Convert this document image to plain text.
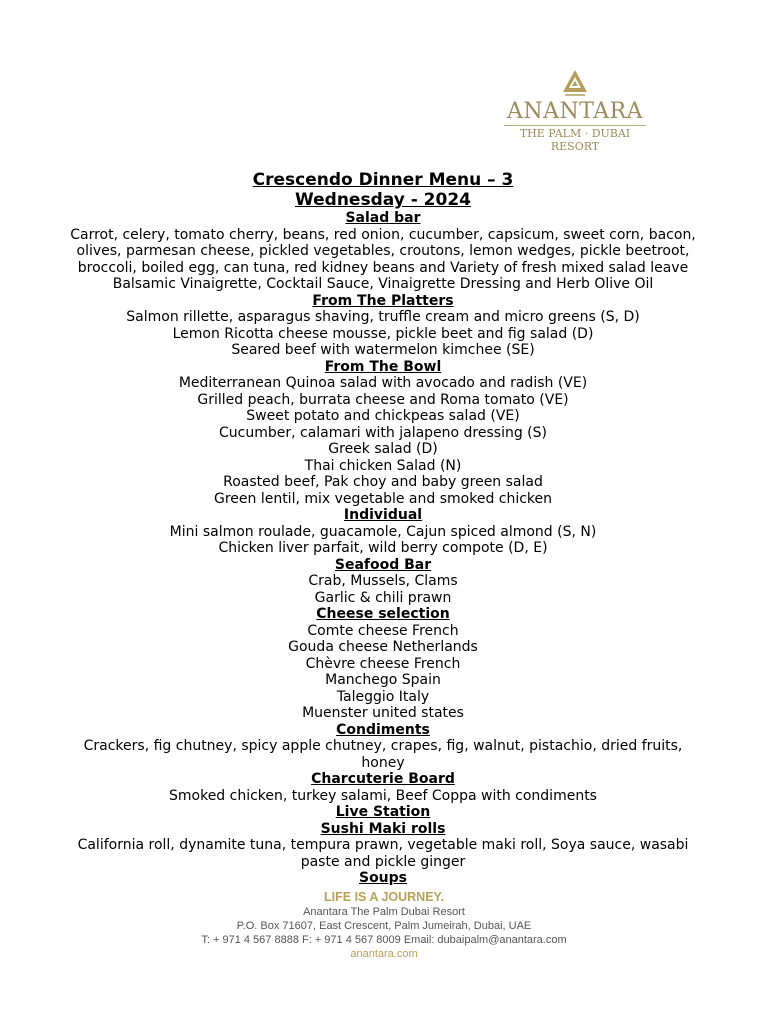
ANANTARA
THE PALM · DUBAI
RESORT
Crescendo Dinner Menu – 3
Wednesday - 2024
Salad bar
Carrot, celery, tomato cherry, beans, red onion, cucumber, capsicum, sweet corn, bacon,
olives, parmesan cheese, pickled vegetables, croutons, lemon wedges, pickle beetroot,
broccoli, boiled egg, can tuna, red kidney beans and Variety of fresh mixed salad leave
Balsamic Vinaigrette, Cocktail Sauce, Vinaigrette Dressing and Herb Olive Oil
From The Platters
Salmon rillette, asparagus shaving, truffle cream and micro greens (S, D)
Lemon Ricotta cheese mousse, pickle beet and fig salad (D)
Seared beef with watermelon kimchee (SE)
From The Bowl
Mediterranean Quinoa salad with avocado and radish (VE)
Grilled peach, burrata cheese and Roma tomato (VE)
Sweet potato and chickpeas salad (VE)
Cucumber, calamari with jalapeno dressing (S)
Greek salad (D)
Thai chicken Salad (N)
Roasted beef, Pak choy and baby green salad
Green lentil, mix vegetable and smoked chicken
Individual
Mini salmon roulade, guacamole, Cajun spiced almond (S, N)
Chicken liver parfait, wild berry compote (D, E)
Seafood Bar
Crab, Mussels, Clams
Garlic & chili prawn
Cheese selection
Comte cheese French
Gouda cheese Netherlands
Chèvre cheese French
Manchego Spain
Taleggio Italy
Muenster united states
Condiments
Crackers, fig chutney, spicy apple chutney, crapes, fig, walnut, pistachio, dried fruits,
honey
Charcuterie Board
Smoked chicken, turkey salami, Beef Coppa with condiments
Live Station
Sushi Maki rolls
California roll, dynamite tuna, tempura prawn, vegetable maki roll, Soya sauce, wasabi
paste and pickle ginger
Soups
LIFE IS A JOURNEY.
Anantara The Palm Dubai Resort
P.O. Box 71607, East Crescent, Palm Jumeirah, Dubai, UAE
T: + 971 4 567 8888 F: + 971 4 567 8009 Email: dubaipalm@anantara.com
anantara.com
